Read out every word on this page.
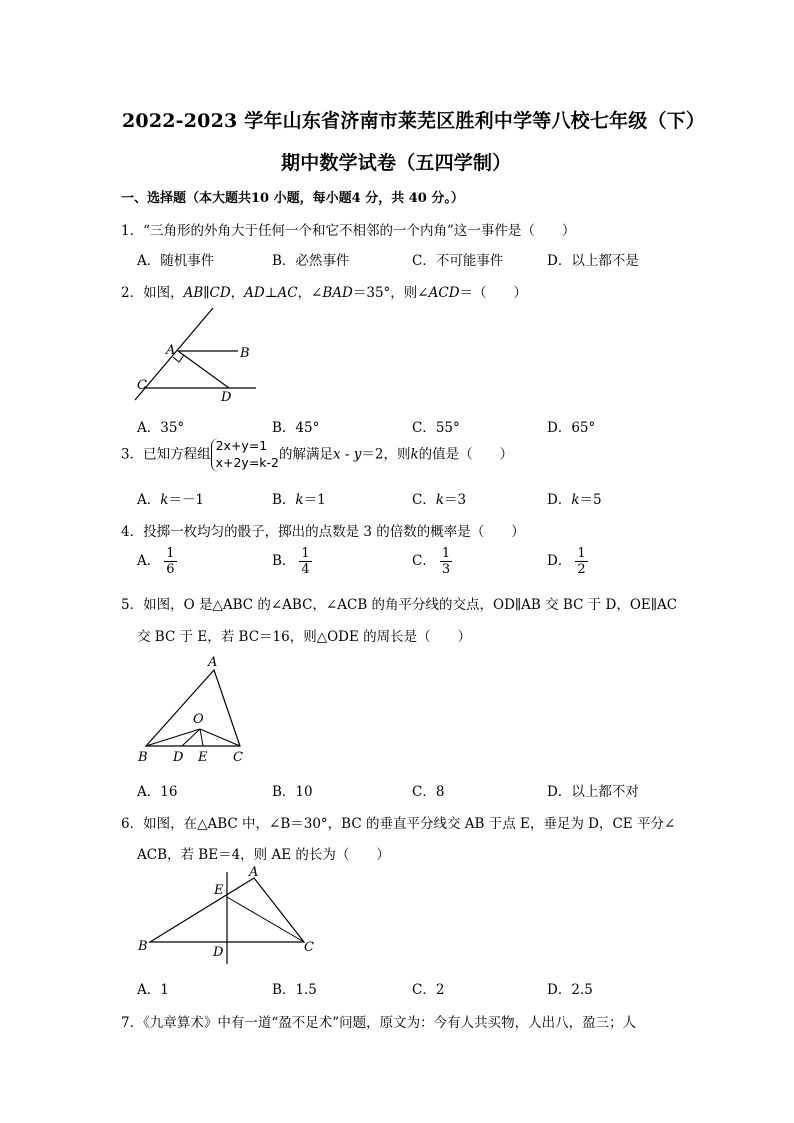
2022-2023 学年山东省济南市莱芜区胜利中学等八校七年级（下）
期中数学试卷（五四学制）
一、选择题（本大题共10 小题，每小题4 分，共 40 分。）
1．“三角形的外角大于任何一个和它不相邻的一个内角”这一事件是（　　）
A．随机事件	B．必然事件	C．不可能事件	D．以上都不是
2．如图，AB∥CD，AD⊥AC，∠BAD＝35°，则∠ACD＝（　　）
A	B
C
D
A．35°	B．45°	C．55°	D．65°
3．已知方程组
2x+y=1
x+2y=k-2 的解满足x - y＝2，则k的值是（　　）
A．k＝－1	B．k＝1	C．k＝3	D．k＝5
4．投掷一枚均匀的骰子，掷出的点数是 3 的倍数的概率是（　　）
A． $\frac{1}{6}$	B． $\frac{1}{4}$	C． $\frac{1}{3}$	D． $\frac{1}{2}$
5．如图，O 是△ABC 的∠ABC，∠ACB 的角平分线的交点，OD∥AB 交 BC 于 D，OE∥AC
交 BC 于 E，若 BC＝16，则△ODE 的周长是（　　）
A
O
B D E C
A．16	B．10	C．8	D．以上都不对
6．如图，在△ABC 中，∠B＝30°，BC 的垂直平分线交 AB 于点 E，垂足为 D，CE 平分∠
ACB，若 BE＝4，则 AE 的长为（　　）
A
E
B	D	C
A．1	B．1.5	C．2	D．2.5
7．《九章算术》中有一道“盈不足术”问题，原文为：今有人共买物，人出八，盈三；人
